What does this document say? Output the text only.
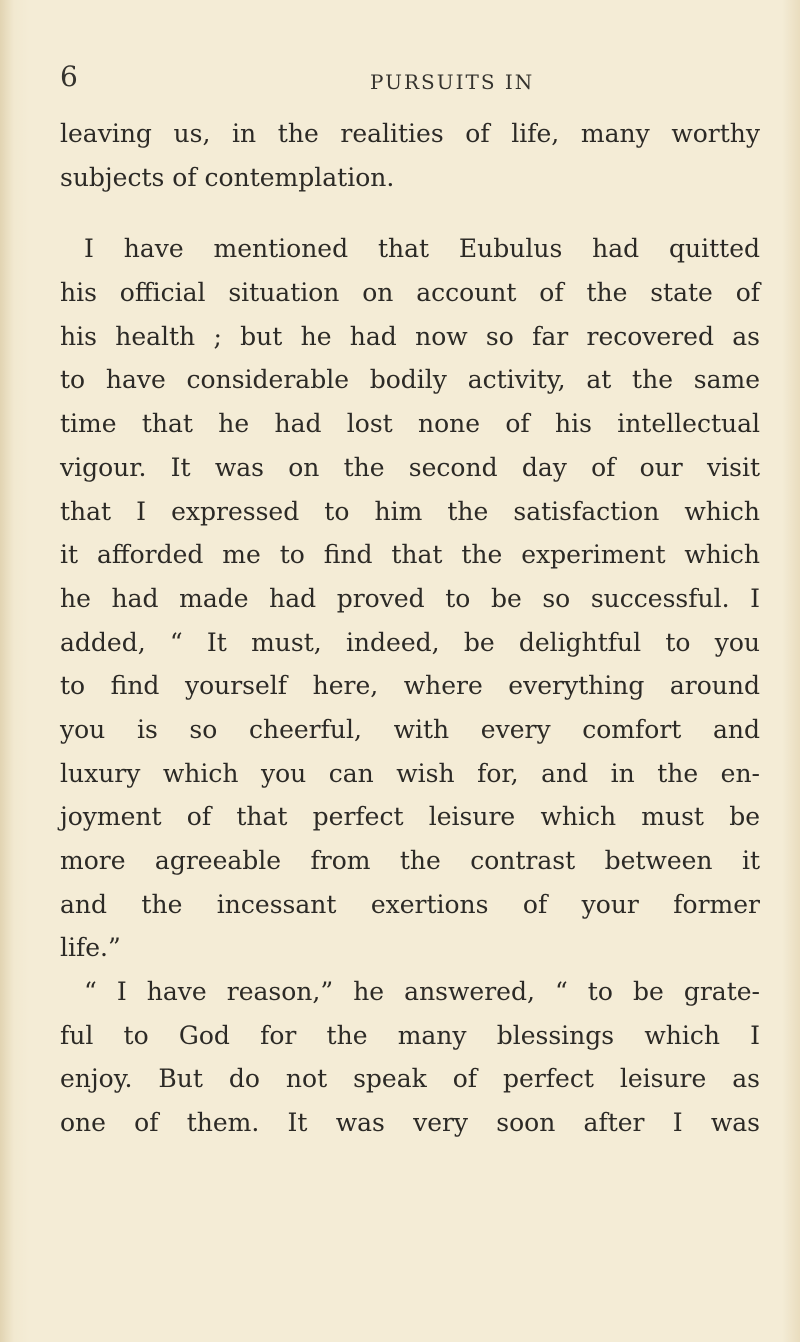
6	PURSUITS IN
leaving us, in the realities of life, many worthy
subjects of contemplation.
I have mentioned that Eubulus had quitted
his official situation on account of the state of
his health ; but he had now so far recovered as
to have considerable bodily activity, at the same
time that he had lost none of his intellectual
vigour. It was on the second day of our visit
that I expressed to him the satisfaction which
it afforded me to find that the experiment which
he had made had proved to be so successful. I
added, “ It must, indeed, be delightful to you
to find yourself here, where everything around
you is so cheerful, with every comfort and
luxury which you can wish for, and in the en-
joyment of that perfect leisure which must be
more agreeable from the contrast between it
and the incessant exertions of your former
life.”
“ I have reason,” he answered, “ to be grate-
ful to God for the many blessings which I
enjoy. But do not speak of perfect leisure as
one of them. It was very soon after I was
